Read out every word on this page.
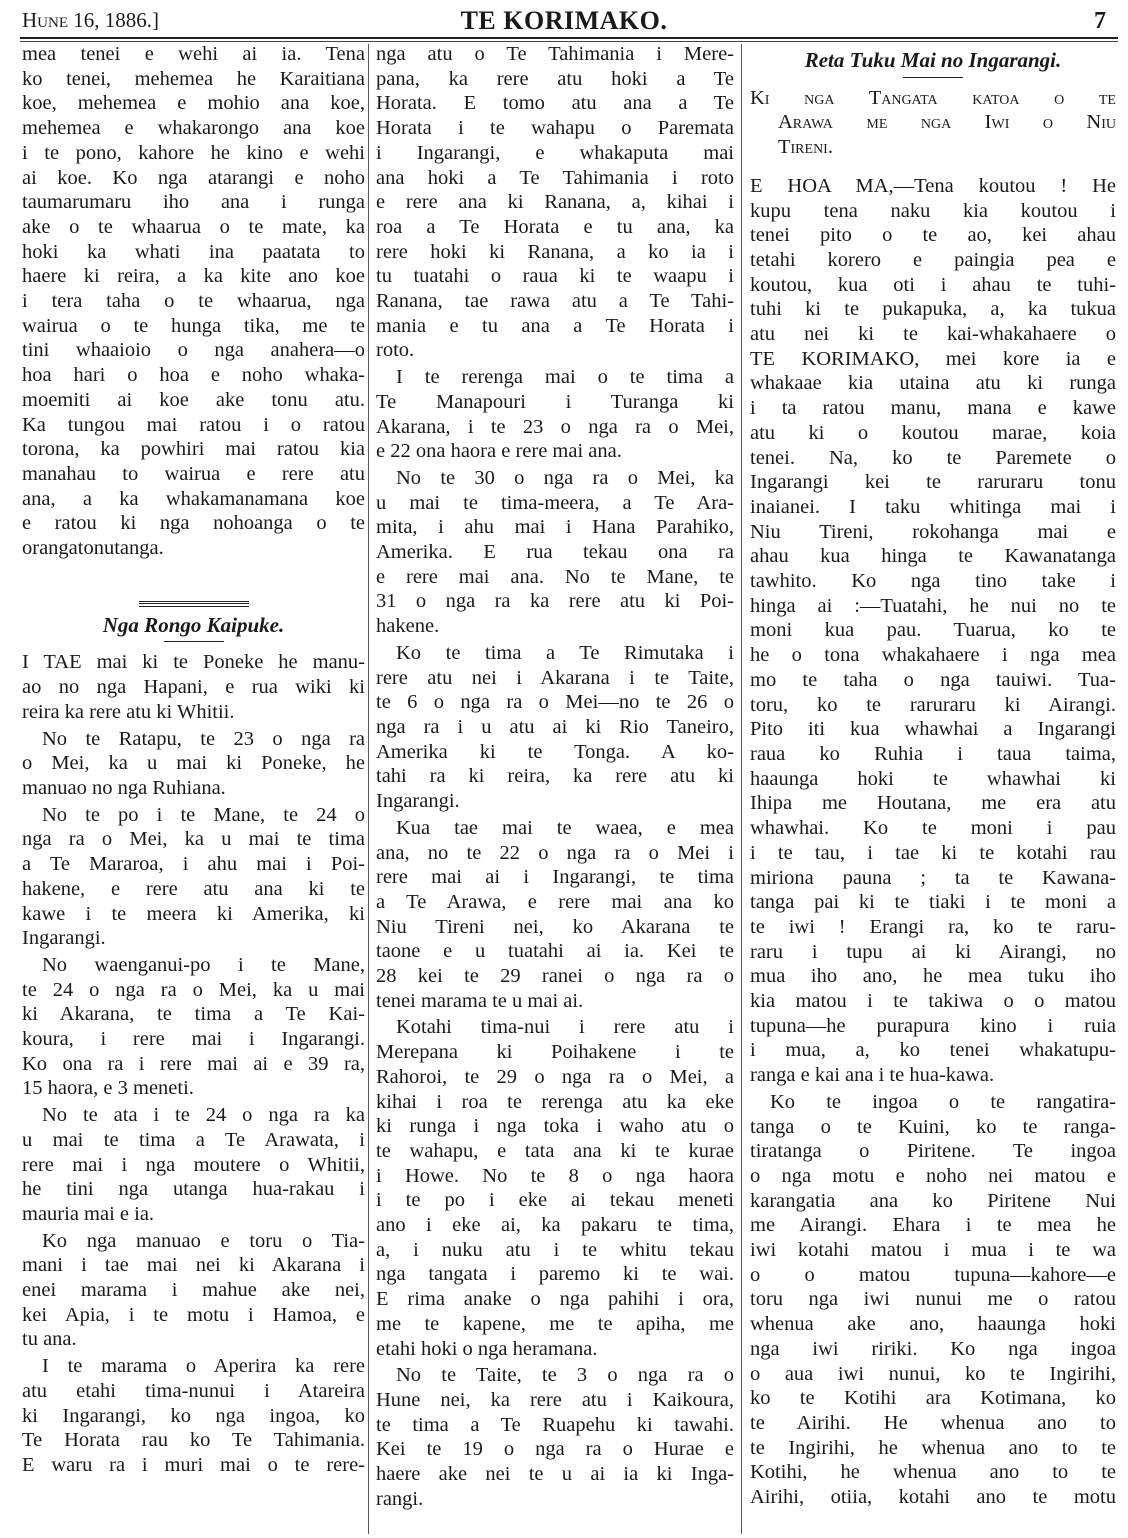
Hune 16, 1886.]	TE KORIMAKO.	7
mea tenei e wehi ai ia. Tena
ko tenei, mehemea he Karaitiana
koe, mehemea e mohio ana koe,
mehemea e whakarongo ana koe
i te pono, kahore he kino e wehi
ai koe. Ko nga atarangi e noho
taumarumaru iho ana i runga
ake o te whaarua o te mate, ka
hoki ka whati ina paatata to
haere ki reira, a ka kite ano koe
i tera taha o te whaarua, nga
wairua o te hunga tika, me te
tini whaaioio o nga anahera—o
hoa hari o hoa e noho whaka-
moemiti ai koe ake tonu atu.
Ka tungou mai ratou i o ratou
torona, ka powhiri mai ratou kia
manahau to wairua e rere atu
ana, a ka whakamanamana koe
e ratou ki nga nohoanga o te
orangatonutanga.
Nga Rongo Kaipuke.
I TAE mai ki te Poneke he manu-
ao no nga Hapani, e rua wiki ki
reira ka rere atu ki Whitii.
No te Ratapu, te 23 o nga ra
o Mei, ka u mai ki Poneke, he
manuao no nga Ruhiana.
No te po i te Mane, te 24 o
nga ra o Mei, ka u mai te tima
a Te Mararoa, i ahu mai i Poi-
hakene, e rere atu ana ki te
kawe i te meera ki Amerika, ki
Ingarangi.
No waenganui-po i te Mane,
te 24 o nga ra o Mei, ka u mai
ki Akarana, te tima a Te Kai-
koura, i rere mai i Ingarangi.
Ko ona ra i rere mai ai e 39 ra,
15 haora, e 3 meneti.
No te ata i te 24 o nga ra ka
u mai te tima a Te Arawata, i
rere mai i nga moutere o Whitii,
he tini nga utanga hua-rakau i
mauria mai e ia.
Ko nga manuao e toru o Tia-
mani i tae mai nei ki Akarana i
enei marama i mahue ake nei,
kei Apia, i te motu i Hamoa, e
tu ana.
I te marama o Aperira ka rere
atu etahi tima-nunui i Atareira
ki Ingarangi, ko nga ingoa, ko
Te Horata rau ko Te Tahimania.
E waru ra i muri mai o te rere-
nga atu o Te Tahimania i Mere-
pana, ka rere atu hoki a Te
Horata. E tomo atu ana a Te
Horata i te wahapu o Paremata
i Ingarangi, e whakaputa mai
ana hoki a Te Tahimania i roto
e rere ana ki Ranana, a, kihai i
roa a Te Horata e tu ana, ka
rere hoki ki Ranana, a ko ia i
tu tuatahi o raua ki te waapu i
Ranana, tae rawa atu a Te Tahi-
mania e tu ana a Te Horata i
roto.
I te rerenga mai o te tima a
Te Manapouri i Turanga ki
Akarana, i te 23 o nga ra o Mei,
e 22 ona haora e rere mai ana.
No te 30 o nga ra o Mei, ka
u mai te tima-meera, a Te Ara-
mita, i ahu mai i Hana Parahiko,
Amerika. E rua tekau ona ra
e rere mai ana. No te Mane, te
31 o nga ra ka rere atu ki Poi-
hakene.
Ko te tima a Te Rimutaka i
rere atu nei i Akarana i te Taite,
te 6 o nga ra o Mei—no te 26 o
nga ra i u atu ai ki Rio Taneiro,
Amerika ki te Tonga. A ko-
tahi ra ki reira, ka rere atu ki
Ingarangi.
Kua tae mai te waea, e mea
ana, no te 22 o nga ra o Mei i
rere mai ai i Ingarangi, te tima
a Te Arawa, e rere mai ana ko
Niu Tireni nei, ko Akarana te
taone e u tuatahi ai ia. Kei te
28 kei te 29 ranei o nga ra o
tenei marama te u mai ai.
Kotahi tima-nui i rere atu i
Merepana ki Poihakene i te
Rahoroi, te 29 o nga ra o Mei, a
kihai i roa te rerenga atu ka eke
ki runga i nga toka i waho atu o
te wahapu, e tata ana ki te kurae
i Howe. No te 8 o nga haora
i te po i eke ai tekau meneti
ano i eke ai, ka pakaru te tima,
a, i nuku atu i te whitu tekau
nga tangata i paremo ki te wai.
E rima anake o nga pahihi i ora,
me te kapene, me te apiha, me
etahi hoki o nga heramana.
No te Taite, te 3 o nga ra o
Hune nei, ka rere atu i Kaikoura,
te tima a Te Ruapehu ki tawahi.
Kei te 19 o nga ra o Hurae e
haere ake nei te u ai ia ki Inga-
rangi.
Reta Tuku Mai no Ingarangi.
Ki nga Tangata katoa o te
Arawa me nga Iwi o Niu
Tireni.
E HOA MA,—Tena koutou ! He
kupu tena naku kia koutou i
tenei pito o te ao, kei ahau
tetahi korero e paingia pea e
koutou, kua oti i ahau te tuhi-
tuhi ki te pukapuka, a, ka tukua
atu nei ki te kai-whakahaere o
TE KORIMAKO, mei kore ia e
whakaae kia utaina atu ki runga
i ta ratou manu, mana e kawe
atu ki o koutou marae, koia
tenei. Na, ko te Paremete o
Ingarangi kei te raruraru tonu
inaianei. I taku whitinga mai i
Niu Tireni, rokohanga mai e
ahau kua hinga te Kawanatanga
tawhito. Ko nga tino take i
hinga ai :—Tuatahi, he nui no te
moni kua pau. Tuarua, ko te
he o tona whakahaere i nga mea
mo te taha o nga tauiwi. Tua-
toru, ko te raruraru ki Airangi.
Pito iti kua whawhai a Ingarangi
raua ko Ruhia i taua taima,
haaunga hoki te whawhai ki
Ihipa me Houtana, me era atu
whawhai. Ko te moni i pau
i te tau, i tae ki te kotahi rau
miriona pauna ; ta te Kawana-
tanga pai ki te tiaki i te moni a
te iwi ! Erangi ra, ko te raru-
raru i tupu ai ki Airangi, no
mua iho ano, he mea tuku iho
kia matou i te takiwa o o matou
tupuna—he purapura kino i ruia
i mua, a, ko tenei whakatupu-
ranga e kai ana i te hua-kawa.
Ko te ingoa o te rangatira-
tanga o te Kuini, ko te ranga-
tiratanga o Piritene. Te ingoa
o nga motu e noho nei matou e
karangatia ana ko Piritene Nui
me Airangi. Ehara i te mea he
iwi kotahi matou i mua i te wa
o o matou tupuna—kahore—e
toru nga iwi nunui me o ratou
whenua ake ano, haaunga hoki
nga iwi ririki. Ko nga ingoa
o aua iwi nunui, ko te Ingirihi,
ko te Kotihi ara Kotimana, ko
te Airihi. He whenua ano to
te Ingirihi, he whenua ano to te
Kotihi, he whenua ano to te
Airihi, otiia, kotahi ano te motu
